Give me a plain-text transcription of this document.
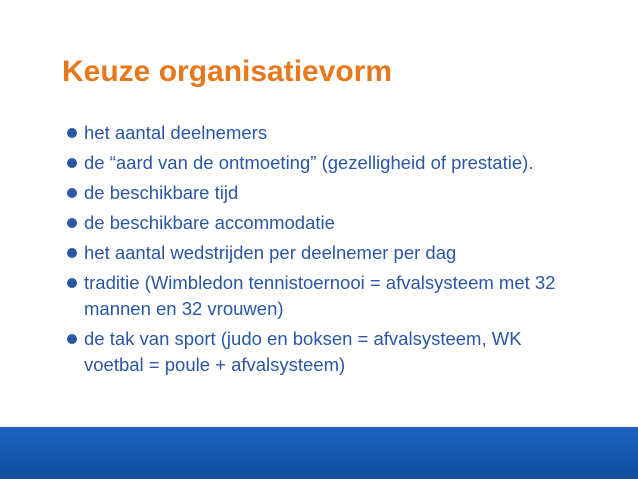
Keuze organisatievorm
het aantal deelnemers
de “aard van de ontmoeting” (gezelligheid of prestatie).
de beschikbare tijd
de beschikbare accommodatie
het aantal wedstrijden per deelnemer per dag
traditie (Wimbledon tennistoernooi = afvalsysteem met 32 mannen en 32 vrouwen)
de tak van sport (judo en boksen = afvalsysteem, WK voetbal = poule + afvalsysteem)
